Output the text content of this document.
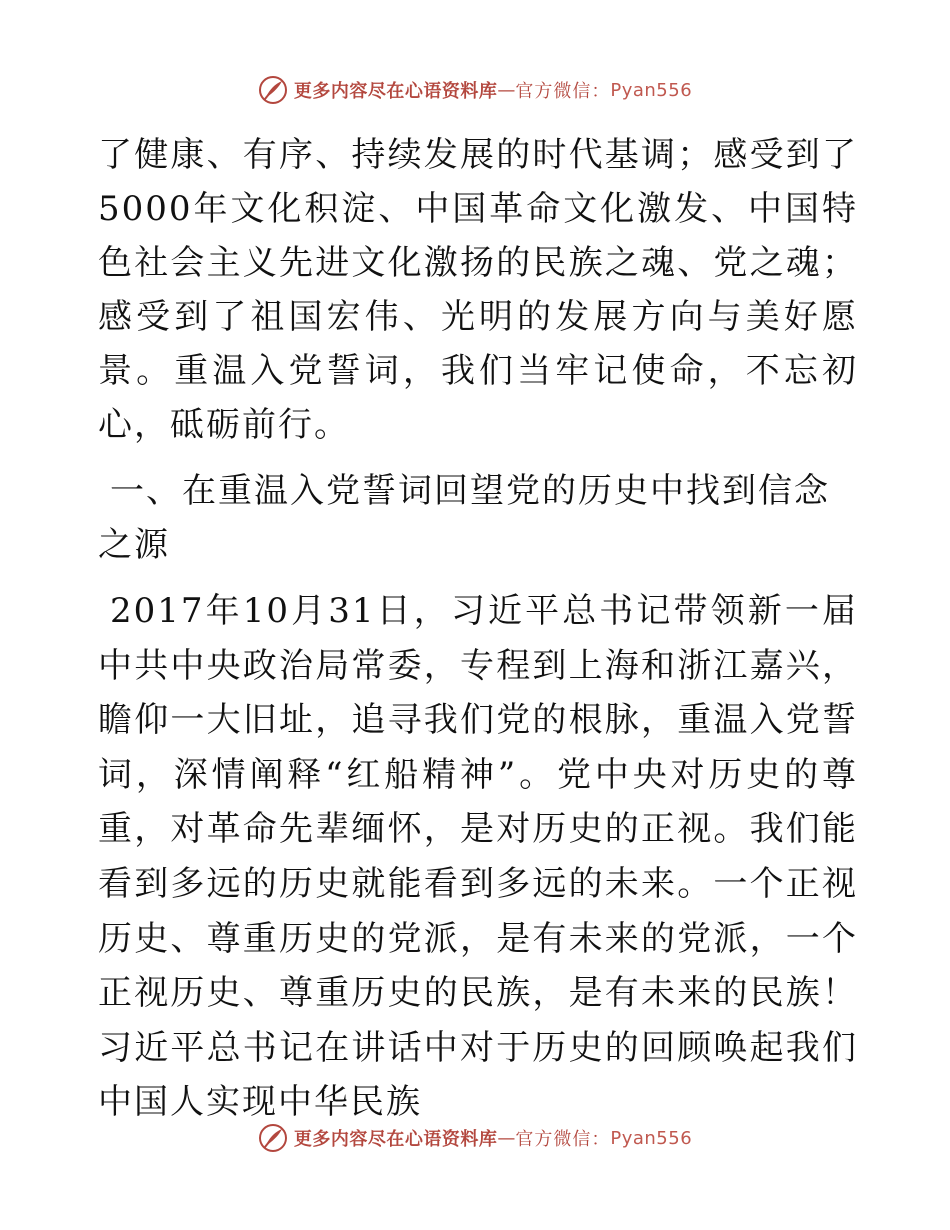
更多内容尽在心语资料库 — 官方微信： Pyan556

了健康、有序、持续发展的时代基调；感受到了5000年文化积淀、中国革命文化激发、中国特色社会主义先进文化激扬的民族之魂、党之魂；感受到了祖国宏伟、光明的发展方向与美好愿景。重温入党誓词，我们当牢记使命，不忘初心，砥砺前行。

一、在重温入党誓词回望党的历史中找到信念之源

2017年10月31日，习近平总书记带领新一届中共中央政治局常委，专程到上海和浙江嘉兴，瞻仰一大旧址，追寻我们党的根脉，重温入党誓词，深情阐释“红船精神”。党中央对历史的尊重，对革命先辈缅怀，是对历史的正视。我们能看到多远的历史就能看到多远的未来。一个正视历史、尊重历史的党派，是有未来的党派，一个正视历史、尊重历史的民族，是有未来的民族！习近平总书记在讲话中对于历史的回顾唤起我们中国人实现中华民族

更多内容尽在心语资料库 — 官方微信： Pyan556
